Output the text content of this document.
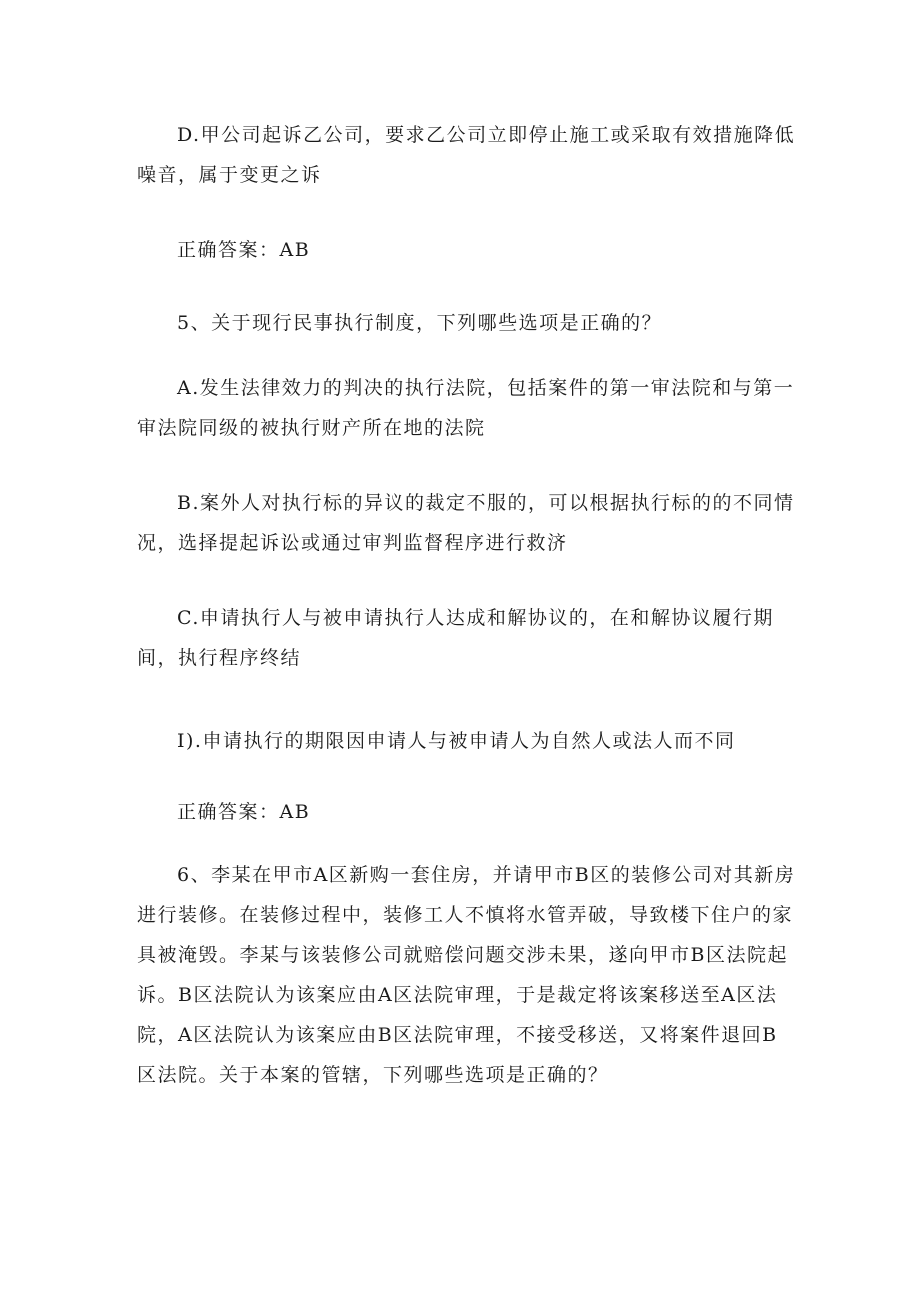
D.甲公司起诉乙公司，要求乙公司立即停止施工或采取有效措施降低噪音，属于变更之诉

正确答案：AB

5、关于现行民事执行制度，下列哪些选项是正确的？

A.发生法律效力的判决的执行法院，包括案件的第一审法院和与第一审法院同级的被执行财产所在地的法院

B.案外人对执行标的异议的裁定不服的，可以根据执行标的的不同情况，选择提起诉讼或通过审判监督程序进行救济

C.申请执行人与被申请执行人达成和解协议的，在和解协议履行期间，执行程序终结

I).申请执行的期限因申请人与被申请人为自然人或法人而不同

正确答案：AB

6、李某在甲市A区新购一套住房，并请甲市B区的装修公司对其新房进行装修。在装修过程中，装修工人不慎将水管弄破，导致楼下住户的家具被淹毁。李某与该装修公司就赔偿问题交涉未果，遂向甲市B区法院起诉。B区法院认为该案应由A区法院审理，于是裁定将该案移送至A区法院，A区法院认为该案应由B区法院审理，不接受移送，又将案件退回B区法院。关于本案的管辖，下列哪些选项是正确的？
